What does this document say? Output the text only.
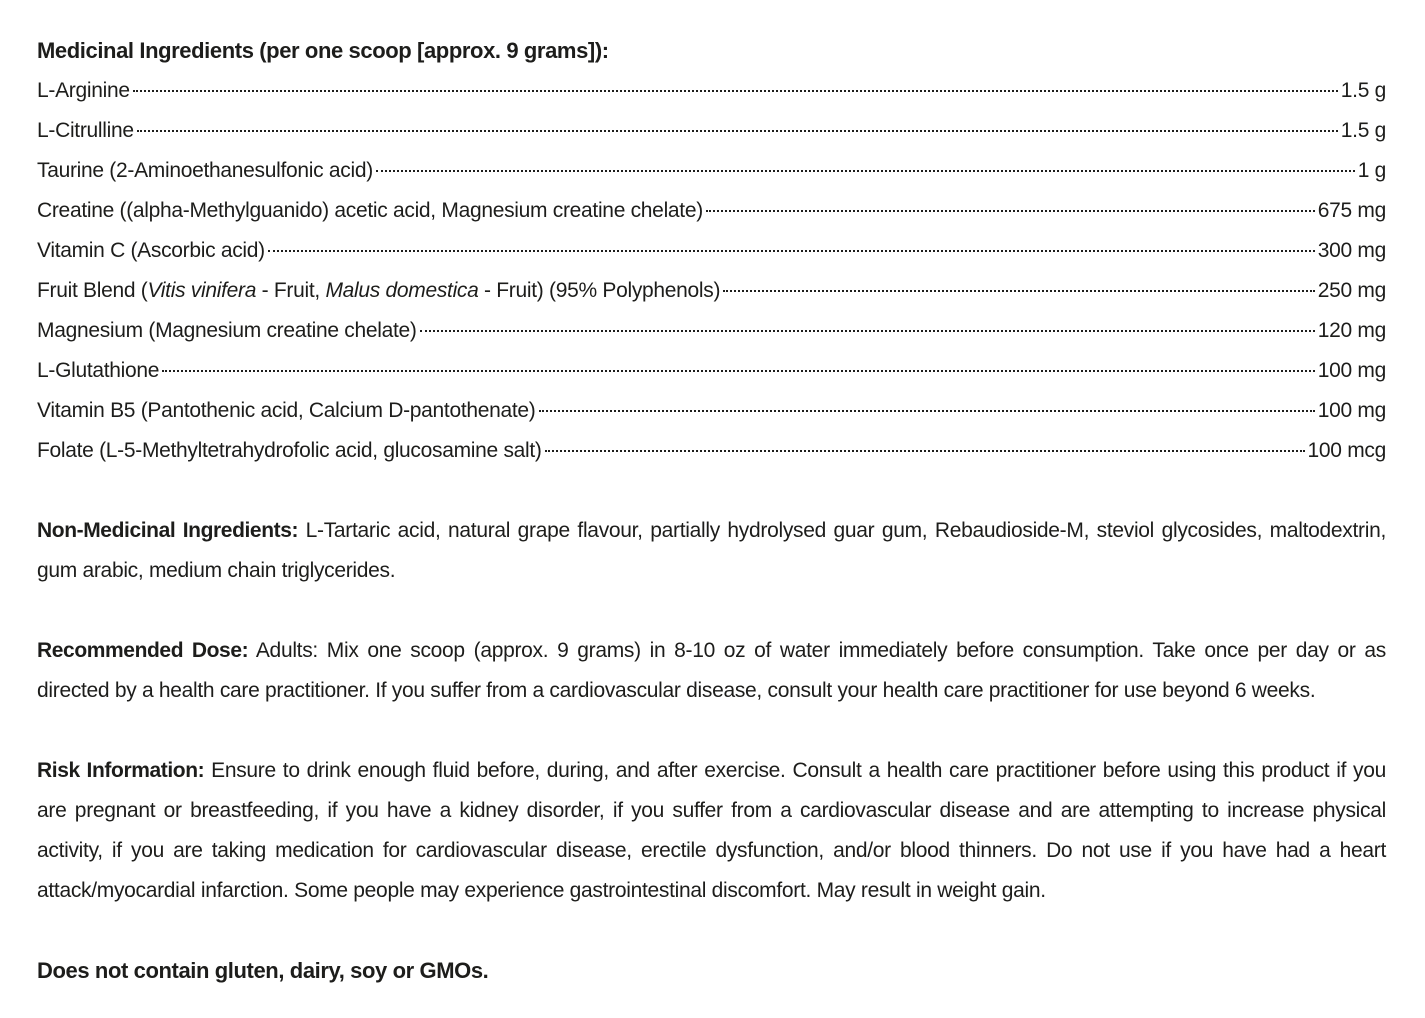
Medicinal Ingredients (per one scoop [approx. 9 grams]):
L-Arginine	1.5 g
L-Citrulline	1.5 g
Taurine (2-Aminoethanesulfonic acid)	1 g
Creatine ((alpha-Methylguanido) acetic acid, Magnesium creatine chelate)	675 mg
Vitamin C (Ascorbic acid)	300 mg
Fruit Blend (Vitis vinifera - Fruit, Malus domestica - Fruit) (95% Polyphenols)	250 mg
Magnesium (Magnesium creatine chelate)	120 mg
L-Glutathione	100 mg
Vitamin B5 (Pantothenic acid, Calcium D-pantothenate)	100 mg
Folate (L-5-Methyltetrahydrofolic acid, glucosamine salt)	100 mcg

Non-Medicinal Ingredients: L-Tartaric acid, natural grape flavour, partially hydrolysed guar gum, Rebaudioside-M, steviol glycosides, maltodextrin, gum arabic, medium chain triglycerides.

Recommended Dose: Adults: Mix one scoop (approx. 9 grams) in 8-10 oz of water immediately before consumption. Take once per day or as directed by a health care practitioner. If you suffer from a cardiovascular disease, consult your health care practitioner for use beyond 6 weeks.

Risk Information: Ensure to drink enough fluid before, during, and after exercise. Consult a health care practitioner before using this product if you are pregnant or breastfeeding, if you have a kidney disorder, if you suffer from a cardiovascular disease and are attempting to increase physical activity, if you are taking medication for cardiovascular disease, erectile dysfunction, and/or blood thinners. Do not use if you have had a heart attack/myocardial infarction. Some people may experience gastrointestinal discomfort. May result in weight gain.

Does not contain gluten, dairy, soy or GMOs.
